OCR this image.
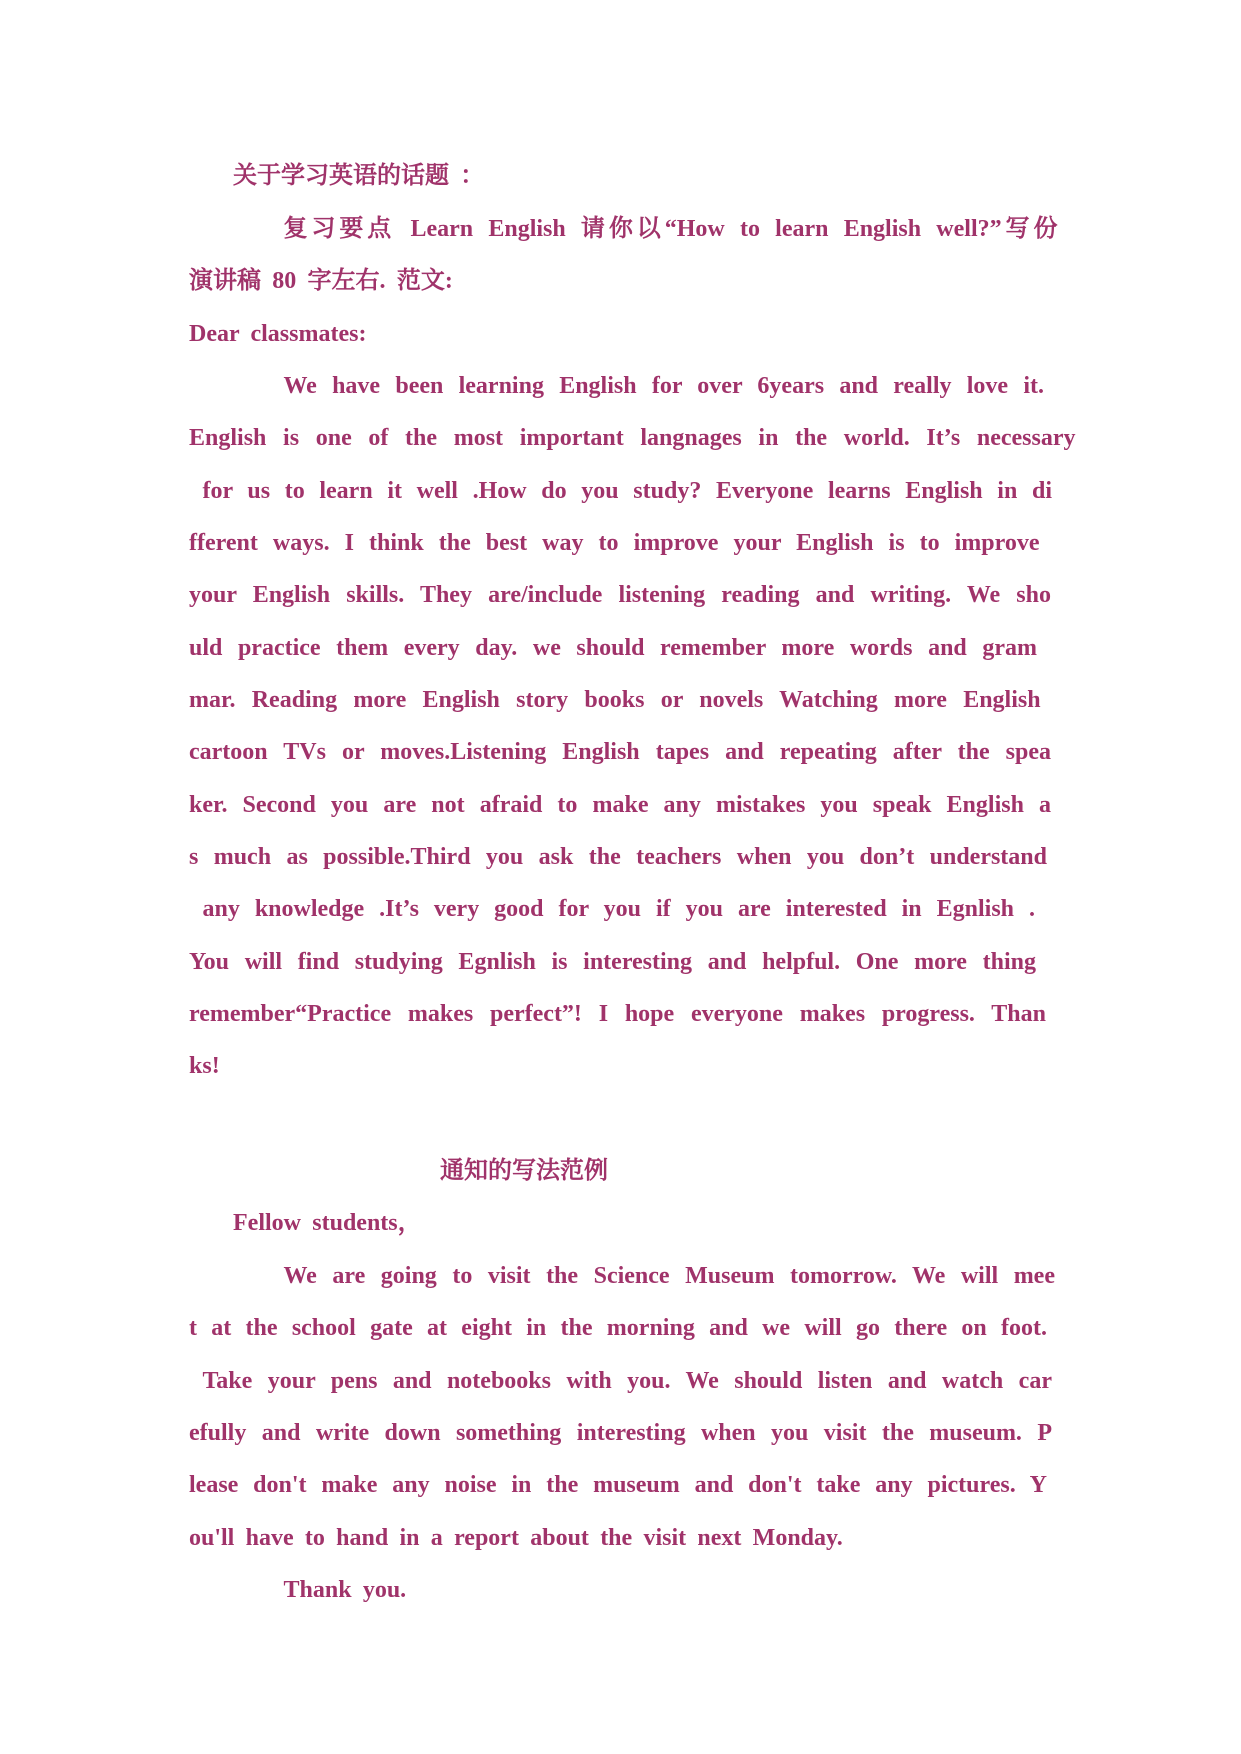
关于学习英语的话题 ：
复习要点 Learn English 请你以“How to learn English well?”写份
演讲稿 80 字左右. 范文:
Dear classmates:
We have been learning English for over 6years and really love it.
English is one of the most important langnages in the world. It’s necessary
for us to learn it well .How do you study? Everyone learns English in di
fferent ways. I think the best way to improve your English is to improve
your English skills. They are/include listening reading and writing. We sho
uld practice them every day. we should remember more words and gram
mar. Reading more English story books or novels Watching more English
cartoon TVs or moves.Listening English tapes and repeating after the spea
ker. Second you are not afraid to make any mistakes you speak English a
s much as possible.Third you ask the teachers when you don’t understand
any knowledge .It’s very good for you if you are interested in Egnlish .
You will find studying Egnlish is interesting and helpful. One more thing
remember“Practice makes perfect”! I hope everyone makes progress. Than
ks!
通知的写法范例
Fellow students，
We are going to visit the Science Museum tomorrow. We will mee
t at the school gate at eight in the morning and we will go there on foot.
Take your pens and notebooks with you. We should listen and watch car
efully and write down something interesting when you visit the museum. P
lease don't make any noise in the museum and don't take any pictures. Y
ou'll have to hand in a report about the visit next Monday.
Thank you.
